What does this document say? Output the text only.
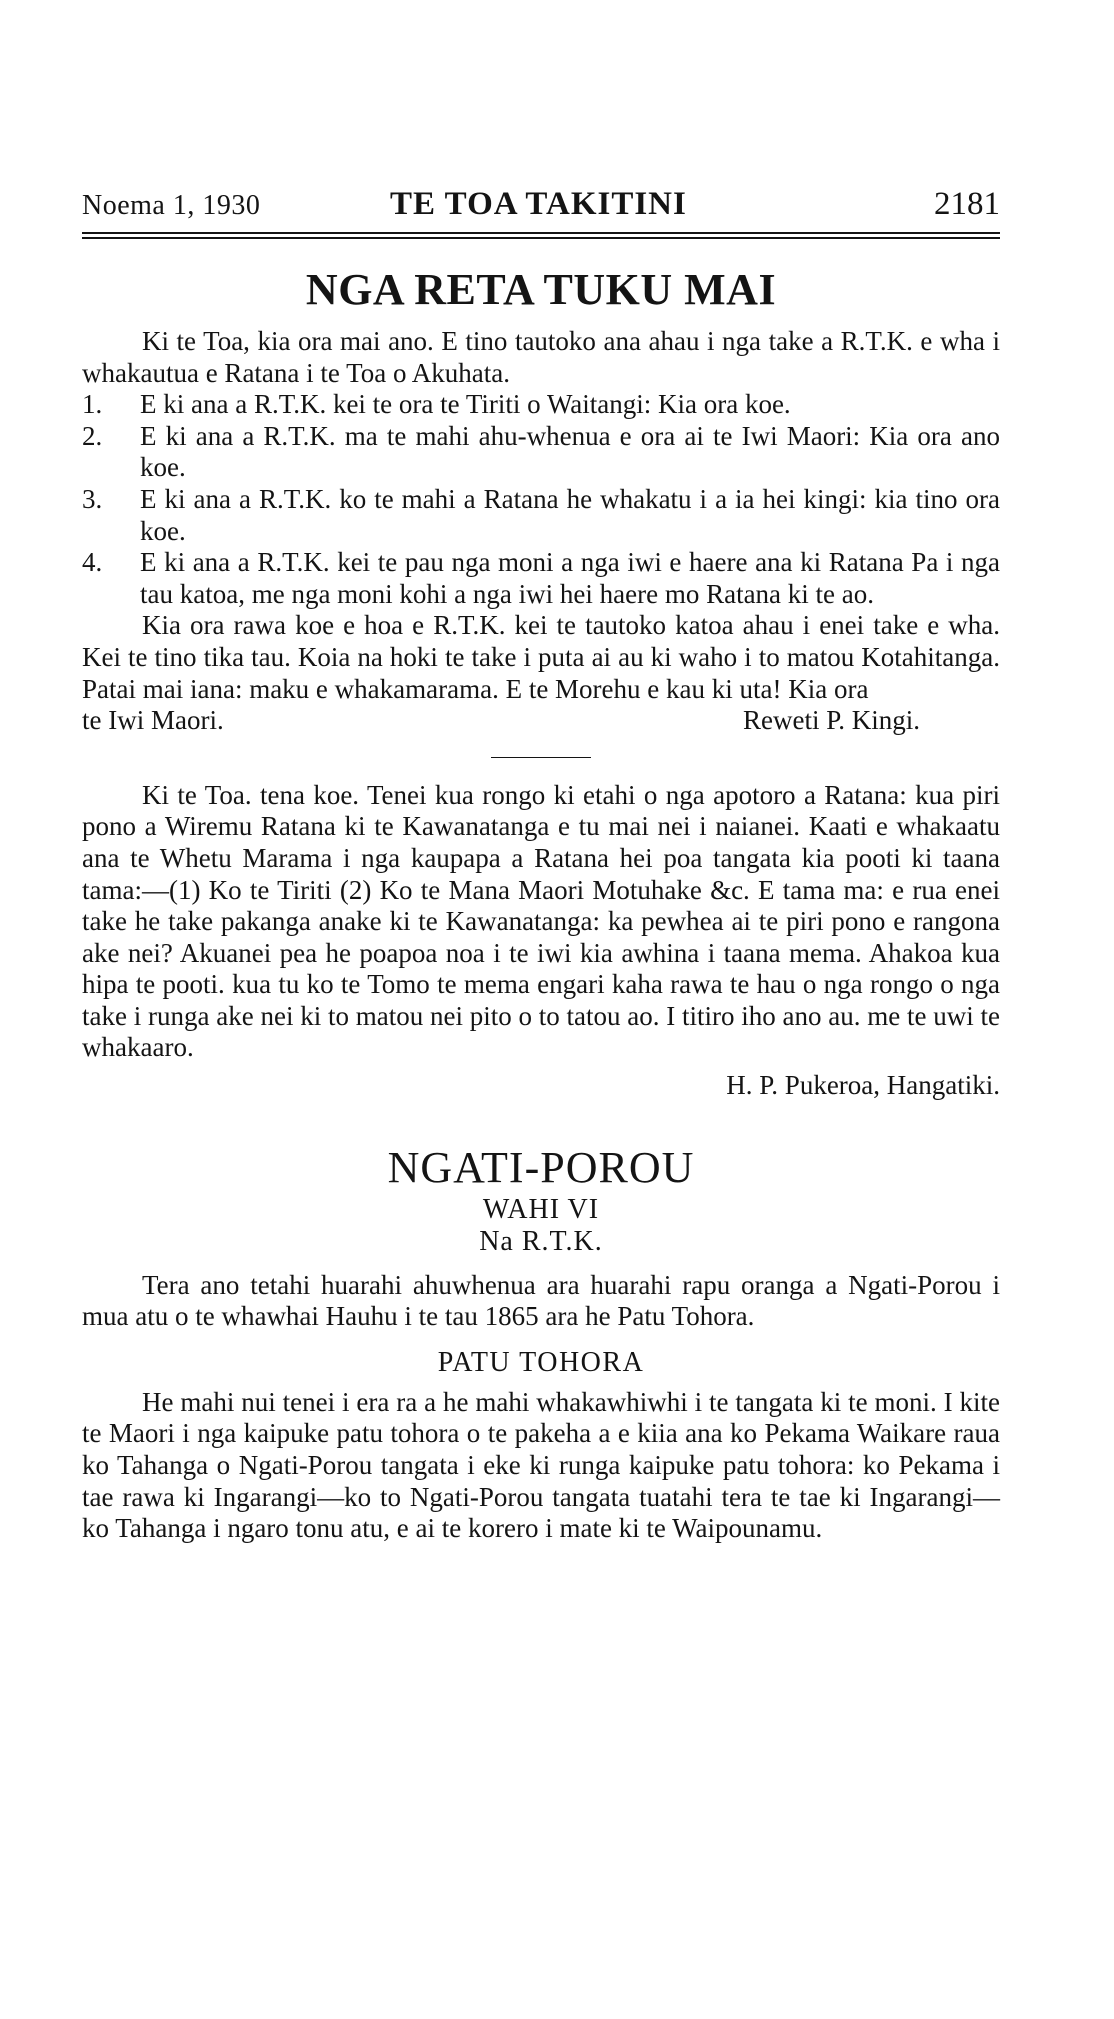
Noema 1, 1930	TE TOA TAKITINI	2181
NGA RETA TUKU MAI

Ki te Toa, kia ora mai ano. E tino tautoko ana ahau i nga take a R.T.K. e wha i whakautua e Ratana i te Toa o Akuhata.

1.	E ki ana a R.T.K. kei te ora te Tiriti o Waitangi: Kia ora koe.
2.	E ki ana a R.T.K. ma te mahi ahu-whenua e ora ai te Iwi Maori: Kia ora ano koe.
3.	E ki ana a R.T.K. ko te mahi a Ratana he whakatu i a ia hei kingi: kia tino ora koe.
4.	E ki ana a R.T.K. kei te pau nga moni a nga iwi e haere ana ki Ratana Pa i nga tau katoa, me nga moni kohi a nga iwi hei haere mo Ratana ki te ao.

Kia ora rawa koe e hoa e R.T.K. kei te tautoko katoa ahau i enei take e wha. Kei te tino tika tau. Koia na hoki te take i puta ai au ki waho i to matou Kotahitanga. Patai mai iana: maku e whakamarama. E te Morehu e kau ki uta! Kia ora

te Iwi Maori.	Reweti P. Kingi.

Ki te Toa. tena koe. Tenei kua rongo ki etahi o nga apotoro a Ratana: kua piri pono a Wiremu Ratana ki te Kawanatanga e tu mai nei i naianei. Kaati e whakaatu ana te Whetu Marama i nga kaupapa a Ratana hei poa tangata kia pooti ki taana tama:—(1) Ko te Tiriti (2) Ko te Mana Maori Motuhake &c. E tama ma: e rua enei take he take pakanga anake ki te Kawanatanga: ka pewhea ai te piri pono e rangona ake nei? Akuanei pea he poapoa noa i te iwi kia awhina i taana mema. Ahakoa kua hipa te pooti. kua tu ko te Tomo te mema engari kaha rawa te hau o nga rongo o nga take i runga ake nei ki to matou nei pito o to tatou ao. I titiro iho ano au. me te uwi te whakaaro.

H. P. Pukeroa, Hangatiki.
NGATI-POROU
WAHI VI
Na R.T.K.

Tera ano tetahi huarahi ahuwhenua ara huarahi rapu oranga a Ngati-Porou i mua atu o te whawhai Hauhu i te tau 1865 ara he Patu Tohora.

PATU TOHORA

He mahi nui tenei i era ra a he mahi whakawhiwhi i te tangata ki te moni. I kite te Maori i nga kaipuke patu tohora o te pakeha a e kiia ana ko Pekama Waikare raua ko Tahanga o Ngati-Porou tangata i eke ki runga kaipuke patu tohora: ko Pekama i tae rawa ki Ingarangi—ko to Ngati-Porou tangata tuatahi tera te tae ki Ingarangi—ko Tahanga i ngaro tonu atu, e ai te korero i mate ki te Waipounamu.
